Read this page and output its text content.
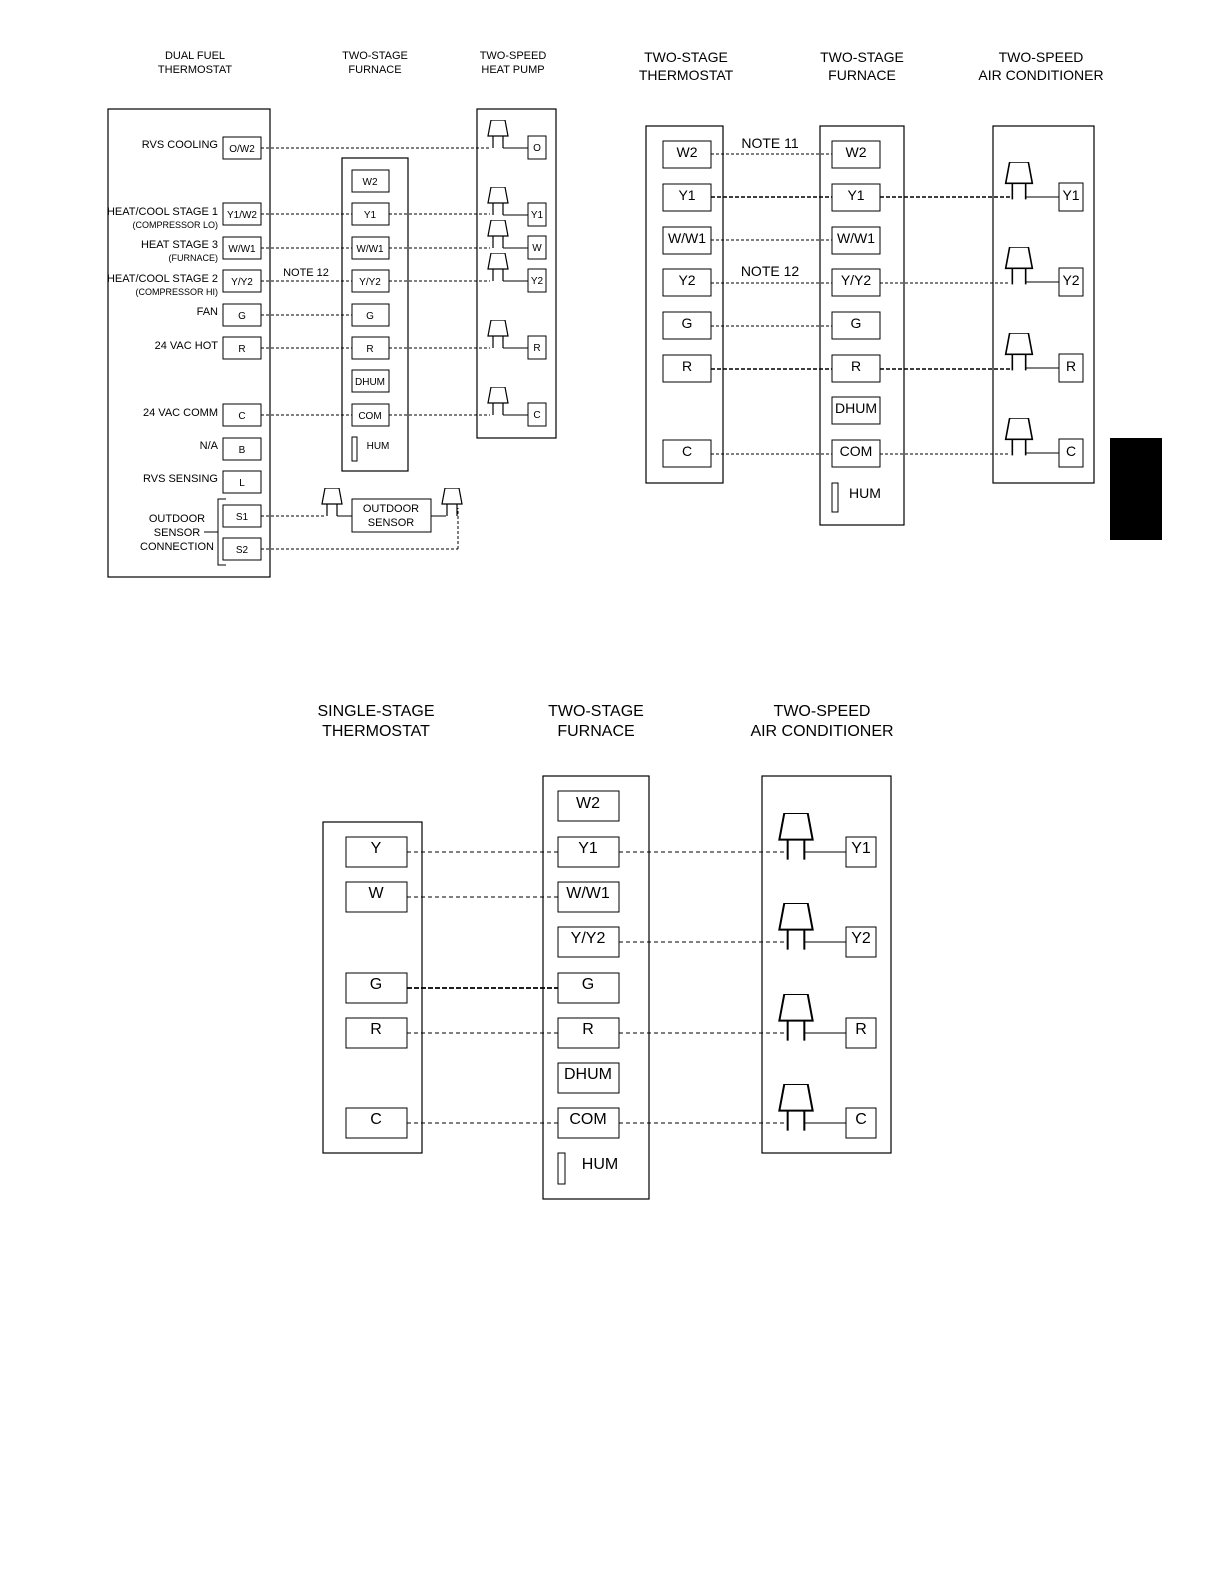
DUAL FUEL
THERMOSTAT
TWO-STAGE
FURNACE
TWO-SPEED
HEAT PUMP
RVS COOLING
HEAT/COOL STAGE 1
(COMPRESSOR LO)
HEAT STAGE 3
(FURNACE)
HEAT/COOL STAGE 2
(COMPRESSOR HI)
FAN
24 VAC HOT
24 VAC COMM
N/A
RVS SENSING
OUTDOOR
SENSOR
CONNECTION
O/W2
Y1/W2
W/W1
Y/Y2
G
R
C
B
L
S1
S2
W2
Y1
W/W1
Y/Y2
G
R
DHUM
COM
HUM
O
Y1
W
Y2
R
C
NOTE 12
OUTDOOR
SENSOR
TWO-STAGE
THERMOSTAT
TWO-STAGE
FURNACE
TWO-SPEED
AIR CONDITIONER
W2
Y1
W/W1
Y2
G
R
C
W2
Y1
W/W1
Y/Y2
G
R
DHUM
COM
HUM
Y1
Y2
R
C
NOTE 11
NOTE 12
SINGLE-STAGE
THERMOSTAT
TWO-STAGE
FURNACE
TWO-SPEED
AIR CONDITIONER
Y
W
G
R
C
W2
Y1
W/W1
Y/Y2
G
R
DHUM
COM
HUM
Y1
Y2
R
C
